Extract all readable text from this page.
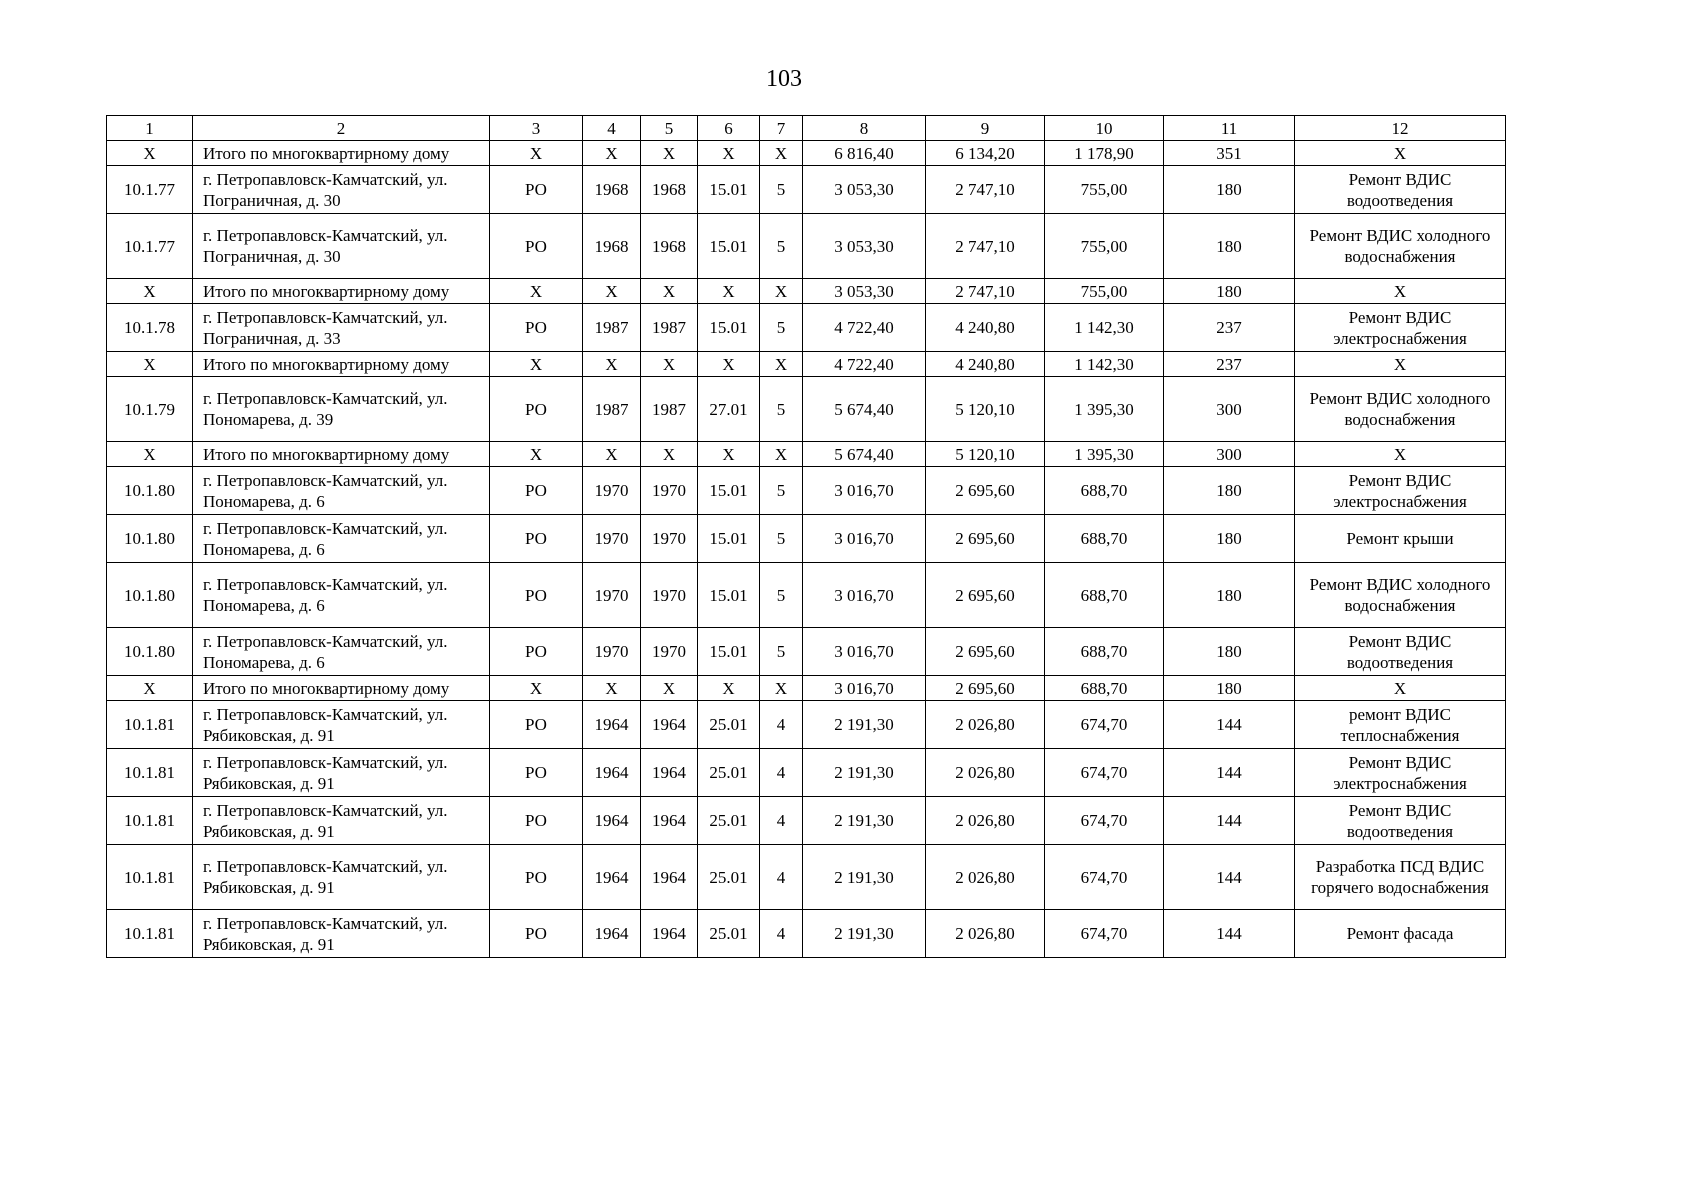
103
1	2	3	4	5	6	7	8	9	10	11	12
Х	Итого по многоквартирному дому	Х	Х	Х	Х	Х	6 816,40	6 134,20	1 178,90	351	Х
10.1.77	г. Петропавловск-Камчатский, ул. Пограничная, д. 30	РО	1968	1968	15.01	5	3 053,30	2 747,10	755,00	180	Ремонт ВДИС водоотведения
10.1.77	г. Петропавловск-Камчатский, ул. Пограничная, д. 30	РО	1968	1968	15.01	5	3 053,30	2 747,10	755,00	180	Ремонт ВДИС холодного водоснабжения
Х	Итого по многоквартирному дому	Х	Х	Х	Х	Х	3 053,30	2 747,10	755,00	180	Х
10.1.78	г. Петропавловск-Камчатский, ул. Пограничная, д. 33	РО	1987	1987	15.01	5	4 722,40	4 240,80	1 142,30	237	Ремонт ВДИС электроснабжения
Х	Итого по многоквартирному дому	Х	Х	Х	Х	Х	4 722,40	4 240,80	1 142,30	237	Х
10.1.79	г. Петропавловск-Камчатский, ул. Пономарева, д. 39	РО	1987	1987	27.01	5	5 674,40	5 120,10	1 395,30	300	Ремонт ВДИС холодного водоснабжения
Х	Итого по многоквартирному дому	Х	Х	Х	Х	Х	5 674,40	5 120,10	1 395,30	300	Х
10.1.80	г. Петропавловск-Камчатский, ул. Пономарева, д. 6	РО	1970	1970	15.01	5	3 016,70	2 695,60	688,70	180	Ремонт ВДИС электроснабжения
10.1.80	г. Петропавловск-Камчатский, ул. Пономарева, д. 6	РО	1970	1970	15.01	5	3 016,70	2 695,60	688,70	180	Ремонт крыши
10.1.80	г. Петропавловск-Камчатский, ул. Пономарева, д. 6	РО	1970	1970	15.01	5	3 016,70	2 695,60	688,70	180	Ремонт ВДИС холодного водоснабжения
10.1.80	г. Петропавловск-Камчатский, ул. Пономарева, д. 6	РО	1970	1970	15.01	5	3 016,70	2 695,60	688,70	180	Ремонт ВДИС водоотведения
Х	Итого по многоквартирному дому	Х	Х	Х	Х	Х	3 016,70	2 695,60	688,70	180	Х
10.1.81	г. Петропавловск-Камчатский, ул. Рябиковская, д. 91	РО	1964	1964	25.01	4	2 191,30	2 026,80	674,70	144	ремонт ВДИС теплоснабжения
10.1.81	г. Петропавловск-Камчатский, ул. Рябиковская, д. 91	РО	1964	1964	25.01	4	2 191,30	2 026,80	674,70	144	Ремонт ВДИС электроснабжения
10.1.81	г. Петропавловск-Камчатский, ул. Рябиковская, д. 91	РО	1964	1964	25.01	4	2 191,30	2 026,80	674,70	144	Ремонт ВДИС водоотведения
10.1.81	г. Петропавловск-Камчатский, ул. Рябиковская, д. 91	РО	1964	1964	25.01	4	2 191,30	2 026,80	674,70	144	Разработка ПСД ВДИС горячего водоснабжения
10.1.81	г. Петропавловск-Камчатский, ул. Рябиковская, д. 91	РО	1964	1964	25.01	4	2 191,30	2 026,80	674,70	144	Ремонт фасада
